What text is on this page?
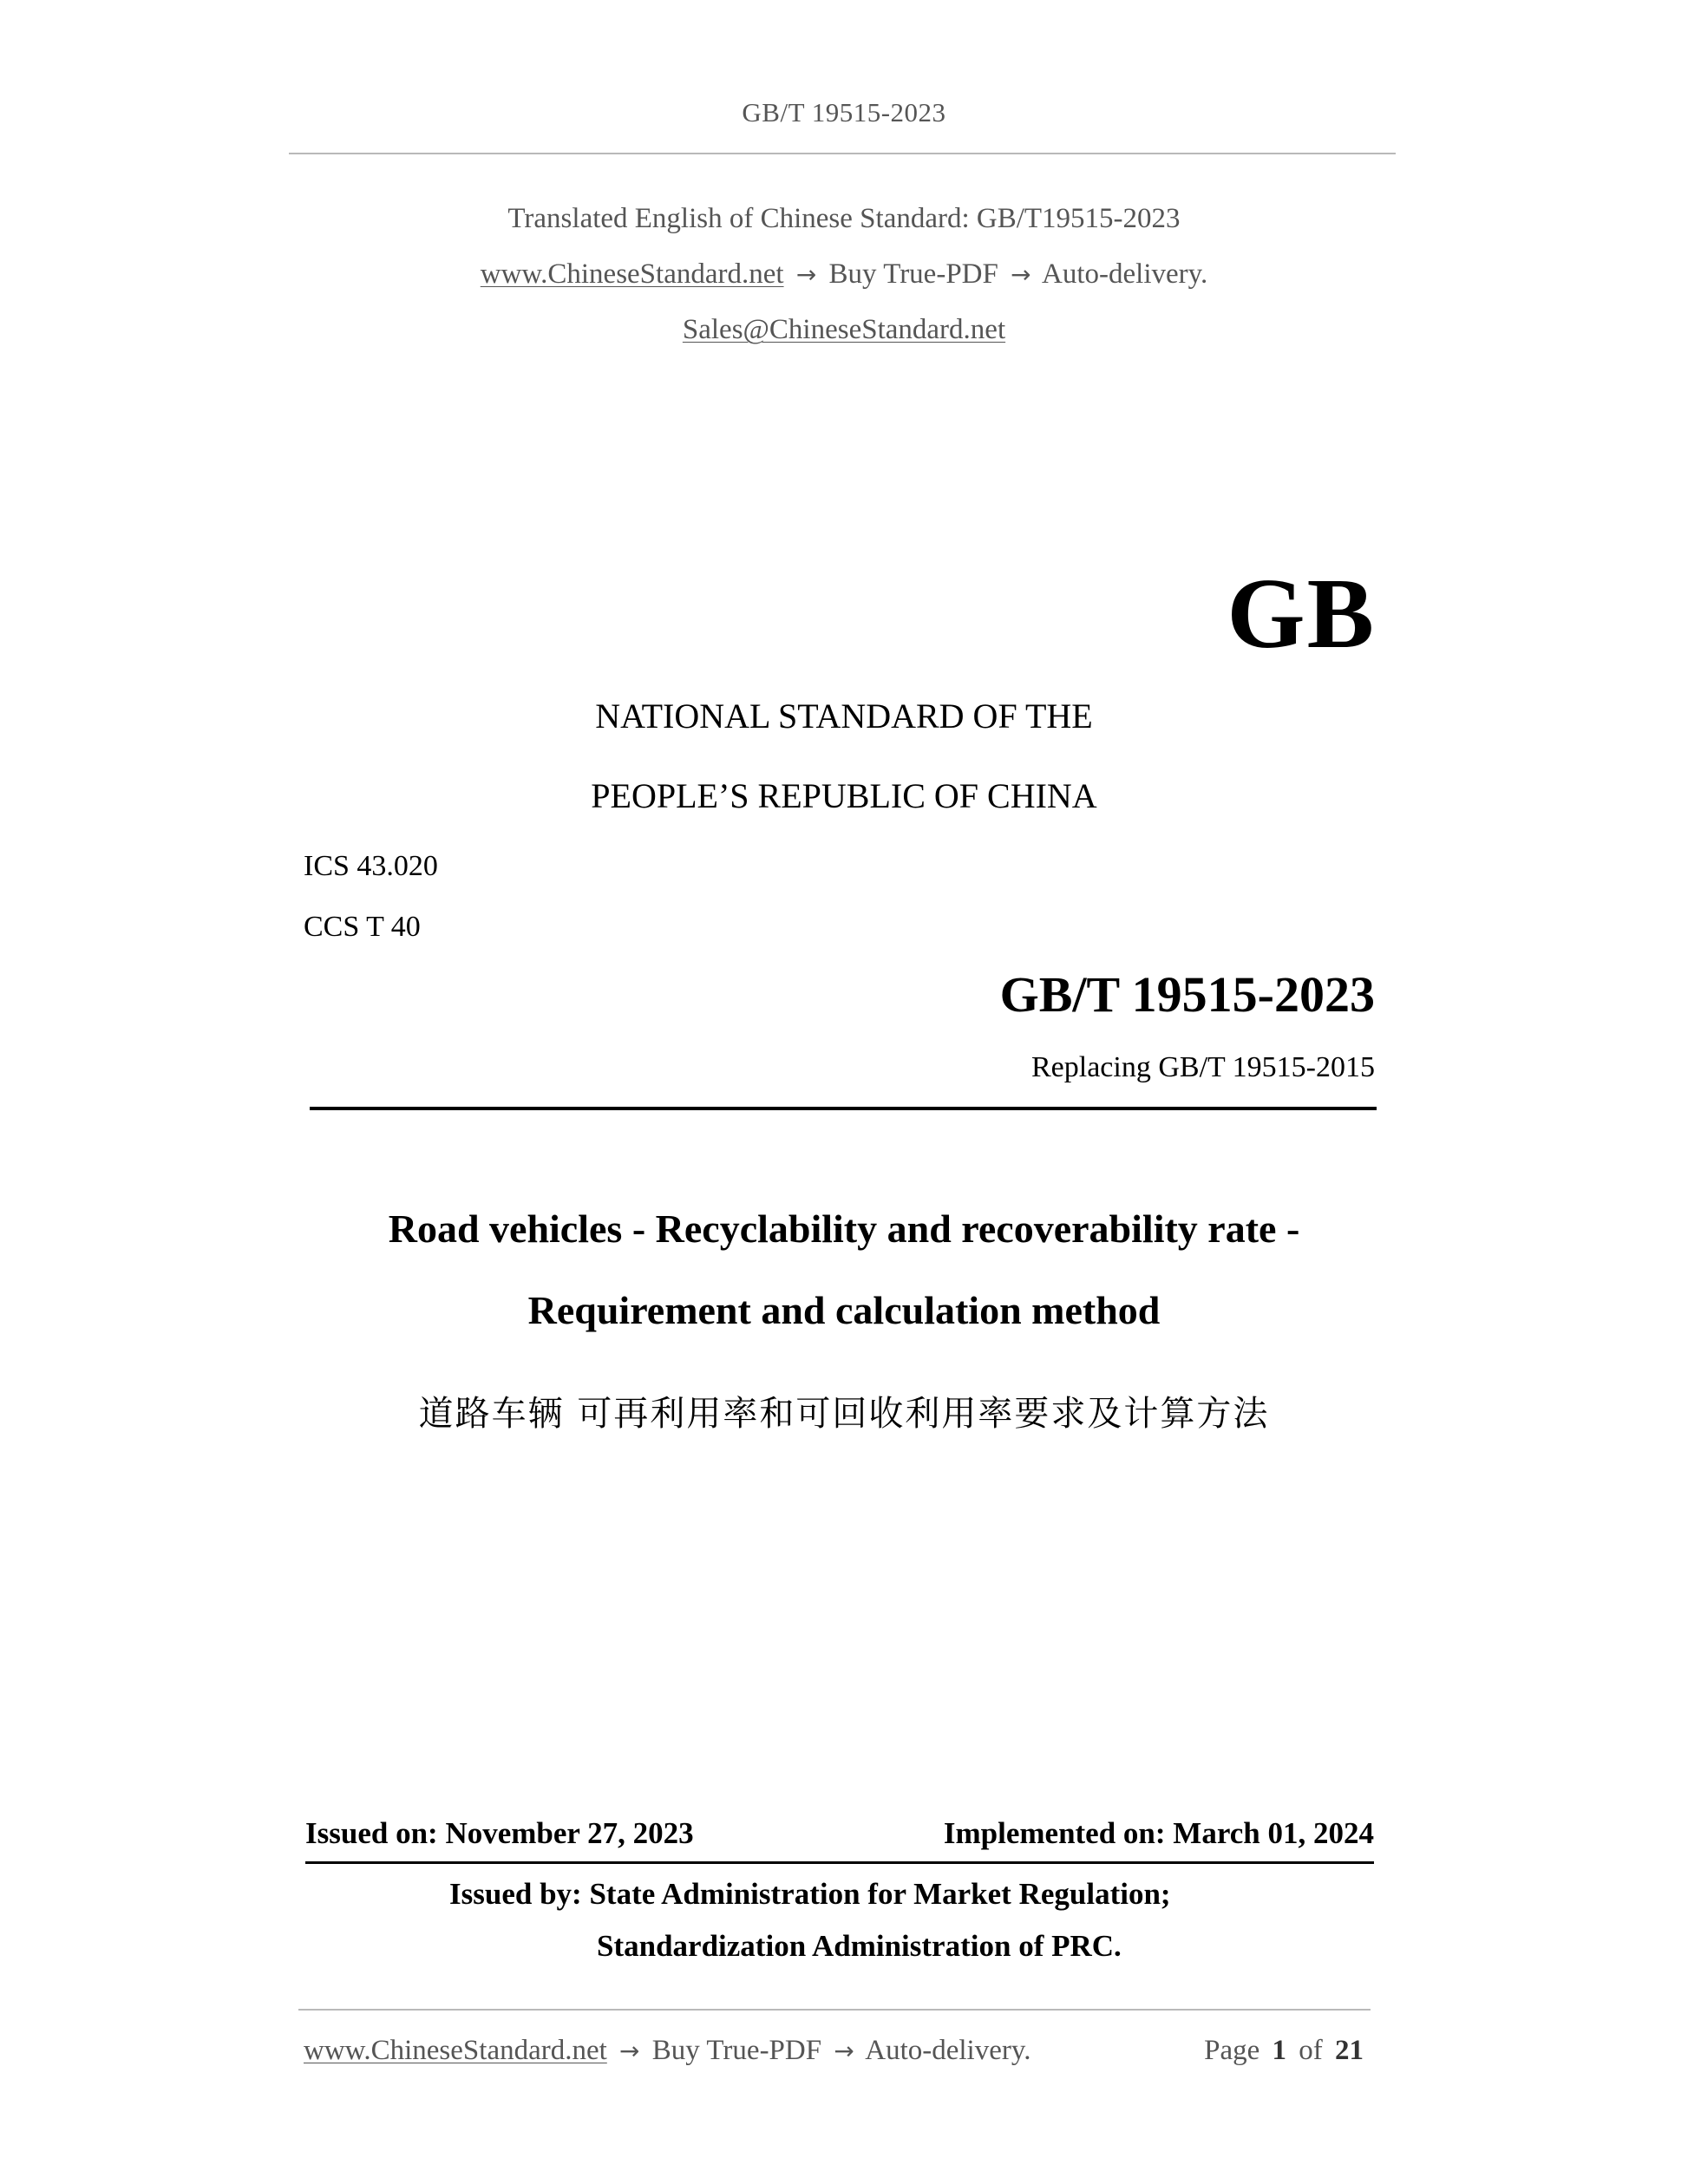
GB/T 19515-2023
Translated English of Chinese Standard: GB/T19515-2023
www.ChineseStandard.net → Buy True-PDF → Auto-delivery.
Sales@ChineseStandard.net
GB
NATIONAL STANDARD OF THE
PEOPLE’S REPUBLIC OF CHINA
ICS 43.020
CCS T 40
GB/T 19515-2023
Replacing GB/T 19515-2015
Road vehicles - Recyclability and recoverability rate -
Requirement and calculation method
道路车辆 可再利用率和可回收利用率要求及计算方法
Issued on: November 27, 2023	Implemented on: March 01, 2024
Issued by: State Administration for Market Regulation;
Standardization Administration of PRC.
www.ChineseStandard.net → Buy True-PDF → Auto-delivery.	Page 1 of 21
